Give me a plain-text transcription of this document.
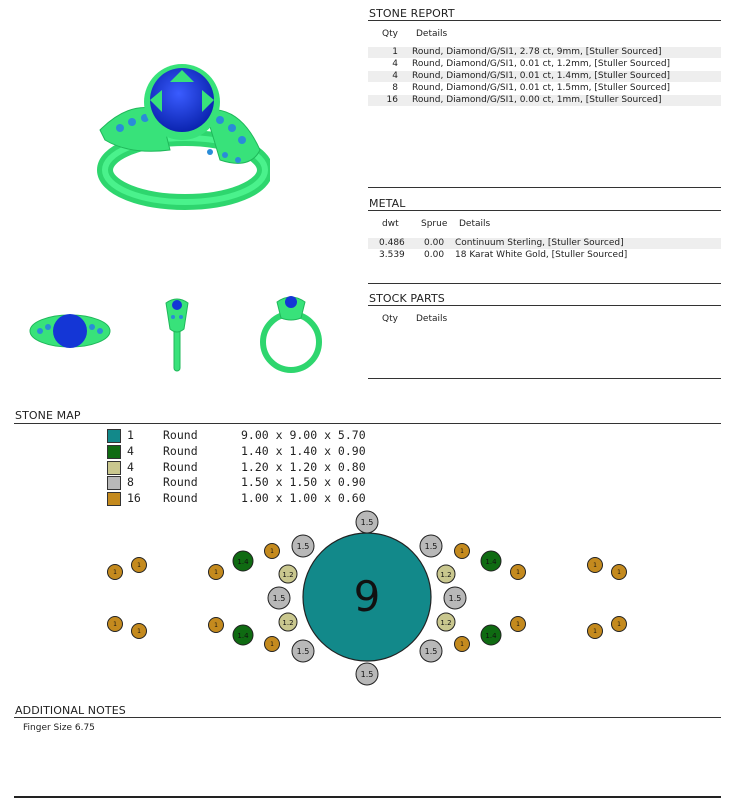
STONE REPORT
Qty Details
1 Round, Diamond/G/SI1, 2.78 ct, 9mm, [Stuller Sourced]
4 Round, Diamond/G/SI1, 0.01 ct, 1.2mm, [Stuller Sourced]
4 Round, Diamond/G/SI1, 0.01 ct, 1.4mm, [Stuller Sourced]
8 Round, Diamond/G/SI1, 0.01 ct, 1.5mm, [Stuller Sourced]
16 Round, Diamond/G/SI1, 0.00 ct, 1mm, [Stuller Sourced]
METAL
dwt Sprue Details
0.486 0.00 Continuum Sterling, [Stuller Sourced]
3.539 0.00 18 Karat White Gold, [Stuller Sourced]
STOCK PARTS
Qty Details
STONE MAP
1	Round	9.00 x 9.00 x 5.70
4	Round	1.40 x 1.40 x 0.90
4	Round	1.20 x 1.20 x 0.80
8	Round	1.50 x 1.50 x 0.90
16 Round	1.00 x 1.00 x 0.60
9
1.5
1.5
1.5	1.5
1.5	1.5
1.5	1.5
1.2	1.2
1.2	1.2
1.4	1.4
1.4	1.4
1
1
1
1
1
1
1
1
1
1
1
1
1
1
1
1
ADDITIONAL NOTES
Finger Size 6.75
